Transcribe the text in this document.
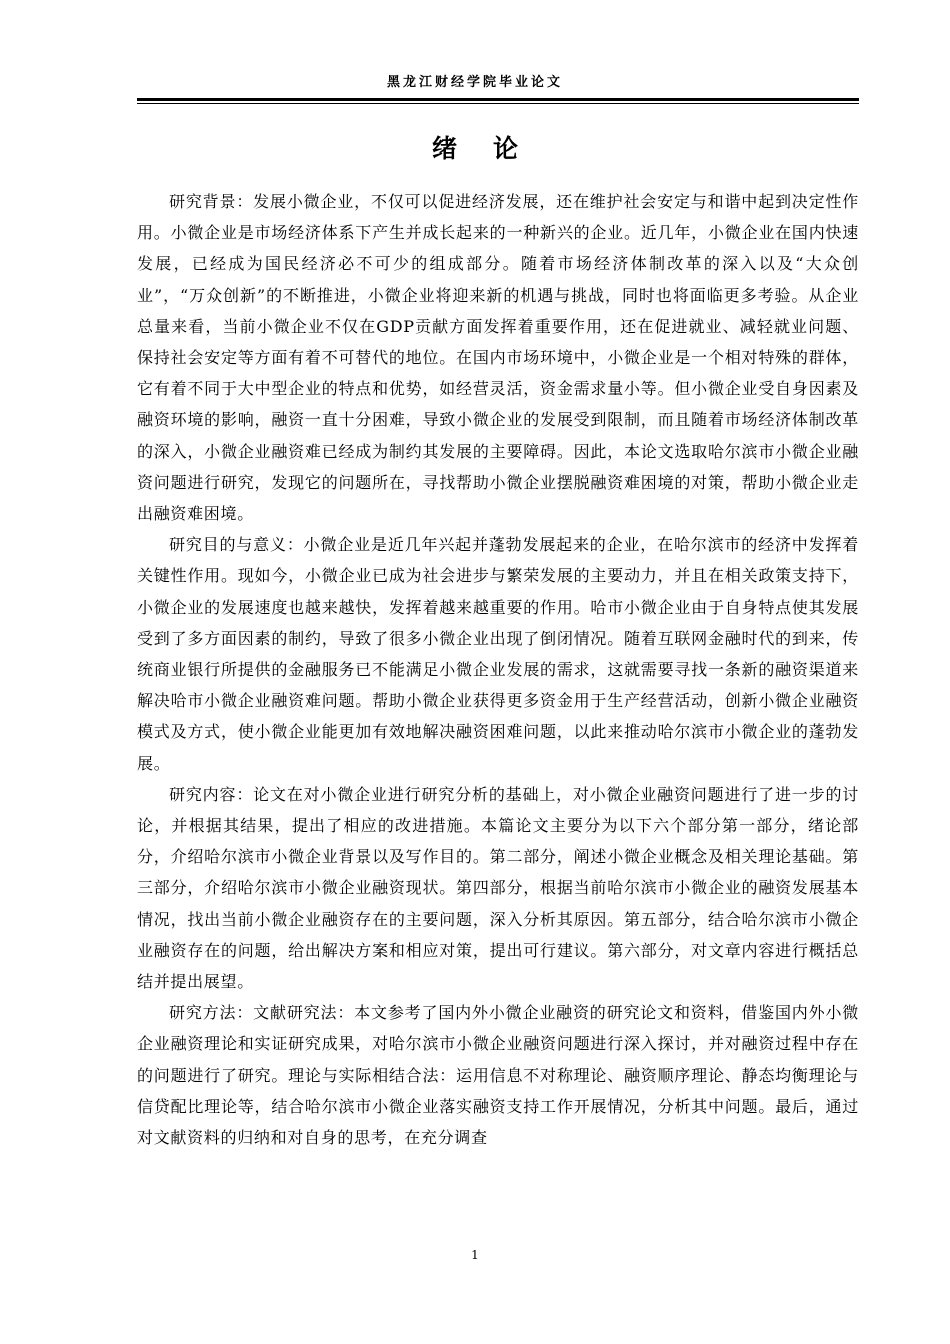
黑龙江财经学院毕业论文
绪论

研究背景：发展小微企业，不仅可以促进经济发展，还在维护社会安定与和谐中起到决定性作用。小微企业是市场经济体系下产生并成长起来的一种新兴的企业。近几年，小微企业在国内快速发展，已经成为国民经济必不可少的组成部分。随着市场经济体制改革的深入以及“大众创业”，“万众创新”的不断推进，小微企业将迎来新的机遇与挑战，同时也将面临更多考验。从企业总量来看，当前小微企业不仅在GDP贡献方面发挥着重要作用，还在促进就业、减轻就业问题、保持社会安定等方面有着不可替代的地位。在国内市场环境中，小微企业是一个相对特殊的群体，它有着不同于大中型企业的特点和优势，如经营灵活，资金需求量小等。但小微企业受自身因素及融资环境的影响，融资一直十分困难，导致小微企业的发展受到限制，而且随着市场经济体制改革的深入，小微企业融资难已经成为制约其发展的主要障碍。因此，本论文选取哈尔滨市小微企业融资问题进行研究，发现它的问题所在，寻找帮助小微企业摆脱融资难困境的对策，帮助小微企业走出融资难困境。

研究目的与意义：小微企业是近几年兴起并蓬勃发展起来的企业，在哈尔滨市的经济中发挥着关键性作用。现如今，小微企业已成为社会进步与繁荣发展的主要动力，并且在相关政策支持下，小微企业的发展速度也越来越快，发挥着越来越重要的作用。哈市小微企业由于自身特点使其发展受到了多方面因素的制约，导致了很多小微企业出现了倒闭情况。随着互联网金融时代的到来，传统商业银行所提供的金融服务已不能满足小微企业发展的需求，这就需要寻找一条新的融资渠道来解决哈市小微企业融资难问题。帮助小微企业获得更多资金用于生产经营活动，创新小微企业融资模式及方式，使小微企业能更加有效地解决融资困难问题，以此来推动哈尔滨市小微企业的蓬勃发展。

研究内容：论文在对小微企业进行研究分析的基础上，对小微企业融资问题进行了进一步的讨论，并根据其结果，提出了相应的改进措施。本篇论文主要分为以下六个部分第一部分，绪论部分，介绍哈尔滨市小微企业背景以及写作目的。第二部分，阐述小微企业概念及相关理论基础。第三部分，介绍哈尔滨市小微企业融资现状。第四部分，根据当前哈尔滨市小微企业的融资发展基本情况，找出当前小微企业融资存在的主要问题，深入分析其原因。第五部分，结合哈尔滨市小微企业融资存在的问题，给出解决方案和相应对策，提出可行建议。第六部分，对文章内容进行概括总结并提出展望。

研究方法：文献研究法：本文参考了国内外小微企业融资的研究论文和资料，借鉴国内外小微企业融资理论和实证研究成果，对哈尔滨市小微企业融资问题进行深入探讨，并对融资过程中存在的问题进行了研究。理论与实际相结合法：运用信息不对称理论、融资顺序理论、静态均衡理论与信贷配比理论等，结合哈尔滨市小微企业落实融资支持工作开展情况，分析其中问题。最后，通过对文献资料的归纳和对自身的思考，在充分调查

1
